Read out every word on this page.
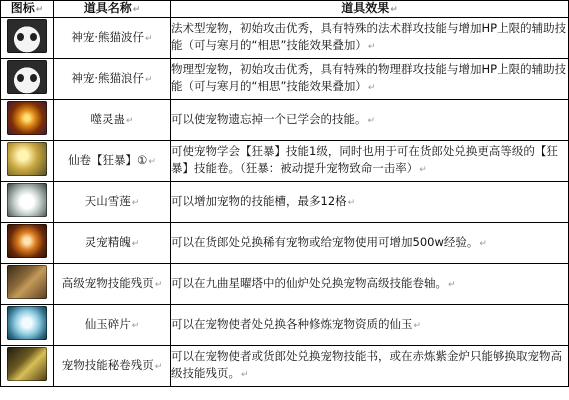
图标↵	道具名称↵	道具效果↵
	神宠·熊猫波仔↵	法术型宠物，初始攻击优秀，具有特殊的法术群攻技能与增加HP上限的辅助技能（可与寒月的“相思”技能效果叠加）↵
	神宠·熊猫浪仔↵	物理型宠物，初始攻击优秀，具有特殊的物理群攻技能与增加HP上限的辅助技能（可与寒月的“相思”技能效果叠加）↵
	噬灵蛊↵	可以使宠物遗忘掉一个已学会的技能。↵
	仙卷【狂暴】①↵	可使宠物学会【狂暴】技能1级，同时也用于可在货郎处兑换更高等级的【狂暴】技能卷。（狂暴：被动提升宠物致命一击率）↵
	天山雪莲↵	可以增加宠物的技能槽，最多12格↵
	灵宠精魄↵	可以在货郎处兑换稀有宠物或给宠物使用可增加500w经验。↵
	高级宠物技能残页↵	可以在九曲星曜塔中的仙炉处兑换宠物高级技能卷轴。↵
	仙玉碎片↵	可以在宠物使者处兑换各种修炼宠物资质的仙玉↵
	宠物技能秘卷残页↵	可以在宠物使者或货郎处兑换宠物技能书，或在赤炼紫金炉只能够换取宠物高级技能残页。↵
